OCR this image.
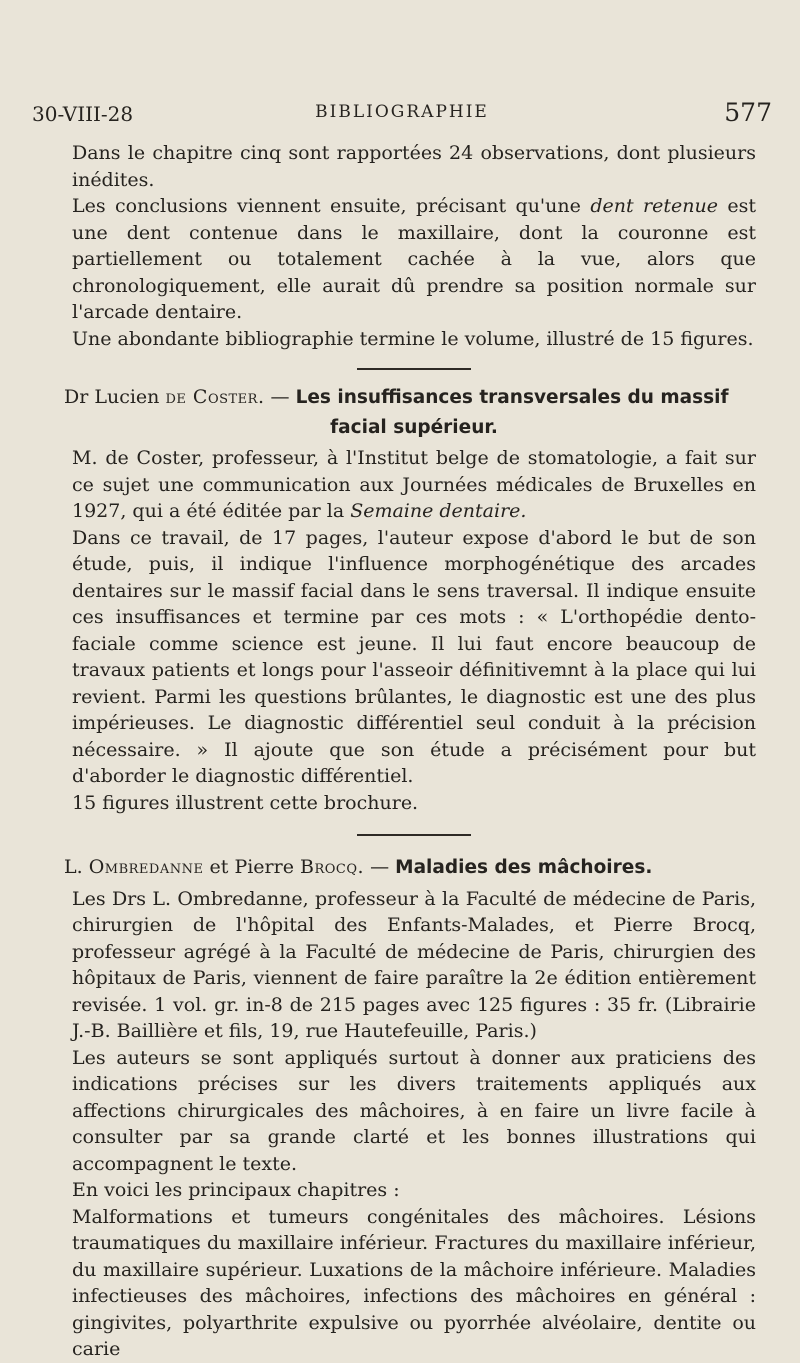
30-VIII-28	BIBLIOGRAPHIE	577

Dans le chapitre cinq sont rapportées 24 observations, dont plusieurs inédites.

Les conclusions viennent ensuite, précisant qu'une dent retenue est une dent contenue dans le maxillaire, dont la couronne est partiellement ou totalement cachée à la vue, alors que chronologiquement, elle aurait dû prendre sa position normale sur l'arcade dentaire.

Une abondante bibliographie termine le volume, illustré de 15 figures.

Dr Lucien de Coster. — Les insuffisances transversales du massif

facial supérieur.

M. de Coster, professeur, à l'Institut belge de stomatologie, a fait sur ce sujet une communication aux Journées médicales de Bruxelles en 1927, qui a été éditée par la Semaine dentaire.

Dans ce travail, de 17 pages, l'auteur expose d'abord le but de son étude, puis, il indique l'influence morphogénétique des arcades dentaires sur le massif facial dans le sens traversal. Il indique ensuite ces insuffisances et termine par ces mots : « L'orthopédie dento-faciale comme science est jeune. Il lui faut encore beaucoup de travaux patients et longs pour l'asseoir définitivemnt à la place qui lui revient. Parmi les questions brûlantes, le diagnostic est une des plus impérieuses. Le diagnostic différentiel seul conduit à la précision nécessaire. » Il ajoute que son étude a précisément pour but d'aborder le diagnostic différentiel.

15 figures illustrent cette brochure.

L. Ombredanne et Pierre Brocq. — Maladies des mâchoires.

Les Drs L. Ombredanne, professeur à la Faculté de médecine de Paris, chirurgien de l'hôpital des Enfants-Malades, et Pierre Brocq, professeur agrégé à la Faculté de médecine de Paris, chirurgien des hôpitaux de Paris, viennent de faire paraître la 2e édition entièrement revisée. 1 vol. gr. in-8 de 215 pages avec 125 figures : 35 fr. (Librairie J.-B. Baillière et fils, 19, rue Hautefeuille, Paris.)

Les auteurs se sont appliqués surtout à donner aux praticiens des indications précises sur les divers traitements appliqués aux affections chirurgicales des mâchoires, à en faire un livre facile à consulter par sa grande clarté et les bonnes illustrations qui accompagnent le texte.

En voici les principaux chapitres :

Malformations et tumeurs congénitales des mâchoires. Lésions traumatiques du maxillaire inférieur. Fractures du maxillaire inférieur, du maxillaire supérieur. Luxations de la mâchoire inférieure. Maladies infectieuses des mâchoires, infections des mâchoires en général : gingivites, polyarthrite expulsive ou pyorrhée alvéolaire, dentite ou carie
